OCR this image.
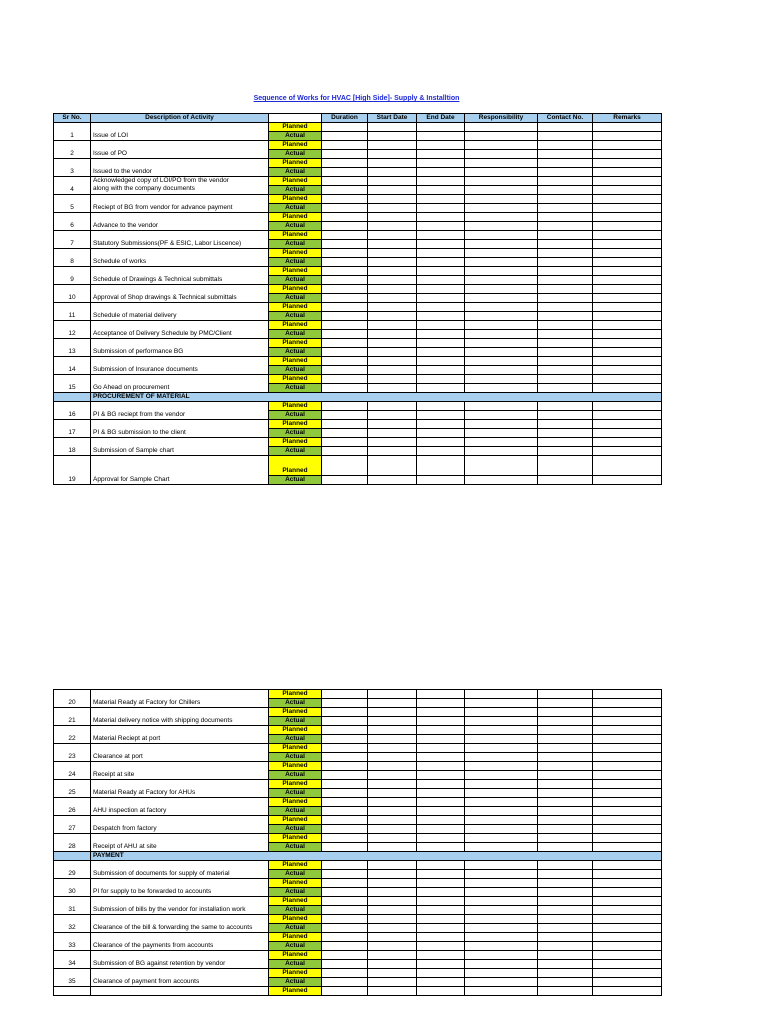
Sequence of Works for HVAC [High Side]- Supply & Installtion
Sr No.	Description of Activity		Duration	Start Date	End Date	Responsibility	Contact No.	Remarks
1	Issue of LOI	Planned						
		Actual						
2	Issue of PO	Planned						
		Actual						
3	Issued to the vendor	Planned						
		Actual						
4	Acknowledged copy of LOI/PO from the vendor
along with the company documents	Planned						
		Actual						
5	Reciept of BG from vendor for advance payment	Planned						
		Actual						
6	Advance to the vendor	Planned						
		Actual						
7	Statutory Submissions(PF & ESIC, Labor Liscence)	Planned						
		Actual						
8	Schedule of works	Planned						
		Actual						
9	Schedule of Drawings & Technical submittals	Planned						
		Actual						
10	Approval of Shop drawings & Technical submittals	Planned						
		Actual						
11	Schedule of material delivery	Planned						
		Actual						
12	Acceptance of Delivery Schedule by PMC/Client	Planned						
		Actual						
13	Submission of performance BG	Planned						
		Actual						
14	Submission of Insurance documents	Planned						
		Actual						
15	Go Ahead on procurement	Planned						
		Actual						
	PROCUREMENT OF MATERIAL							
16	PI & BG reciept from the vendor	Planned						
		Actual						
17	PI & BG submission to the client	Planned						
		Actual						
18	Submission of Sample chart	Planned						
		Actual						
19	Approval for Sample Chart	Planned						
		Actual						
20	Material Ready at Factory for Chillers	Planned						
		Actual						
21	Material delivery notice with shipping documents	Planned						
		Actual						
22	Material Reciept at port	Planned						
		Actual						
23	Clearance at port	Planned						
		Actual						
24	Receipt at site	Planned						
		Actual						
25	Material Ready at Factory for AHUs	Planned						
		Actual						
26	AHU inspection at factory	Planned						
		Actual						
27	Despatch from factory	Planned						
		Actual						
28	Receipt of AHU at site	Planned						
		Actual						
	PAYMENT							
29	Submission of documents for supply of material	Planned						
		Actual						
30	PI for supply to be forwarded to accounts	Planned						
		Actual						
31	Submission of bills by the vendor for installation work	Planned						
		Actual						
32	Clearance of the bill & forwarding the same to accounts	Planned						
		Actual						
33	Clearance of the payments from accounts	Planned						
		Actual						
34	Submission of BG against retention by vendor	Planned						
		Actual						
35	Clearance of payment from accounts	Planned						
		Actual						
		Planned						
